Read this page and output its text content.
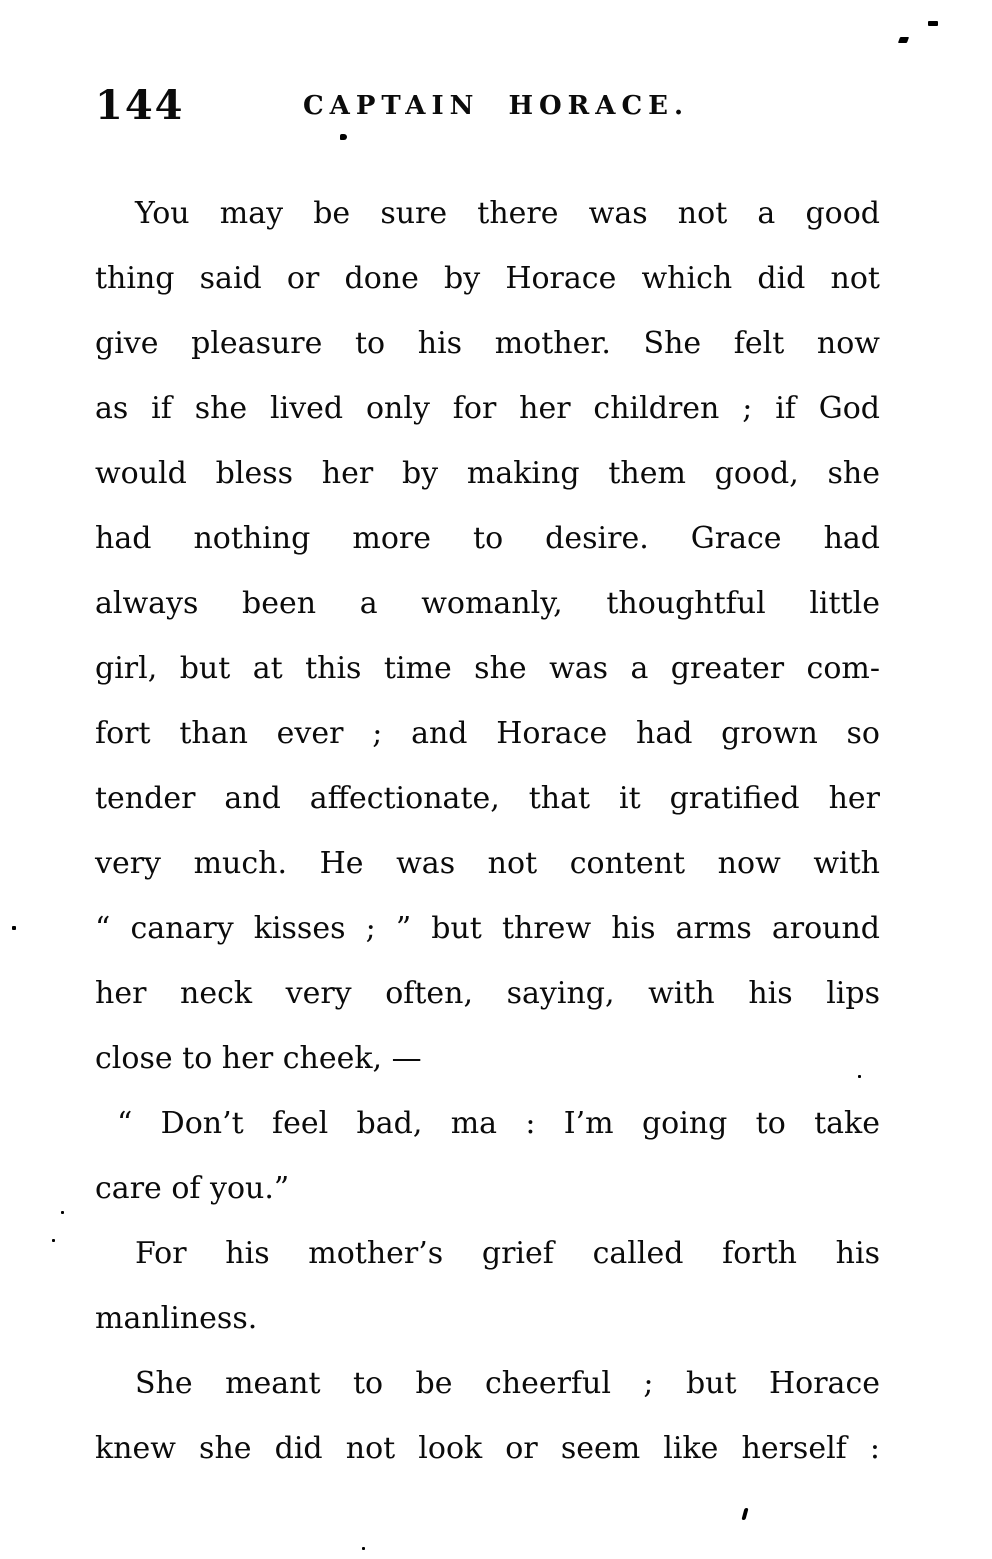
144	CAPTAIN HORACE.
You may be sure there was not a good
thing said or done by Horace which did not
give pleasure to his mother. She felt now
as if she lived only for her children ; if God
would bless her by making them good, she
had nothing more to desire. Grace had
always been a womanly, thoughtful little
girl, but at this time she was a greater com-
fort than ever ; and Horace had grown so
tender and affectionate, that it gratified her
very much. He was not content now with
“ canary kisses ; ” but threw his arms around
her neck very often, saying, with his lips
close to her cheek, —
“ Don’t feel bad, ma : I’m going to take
care of you.”
For his mother’s grief called forth his
manliness.
She meant to be cheerful ; but Horace
knew she did not look or seem like herself :
